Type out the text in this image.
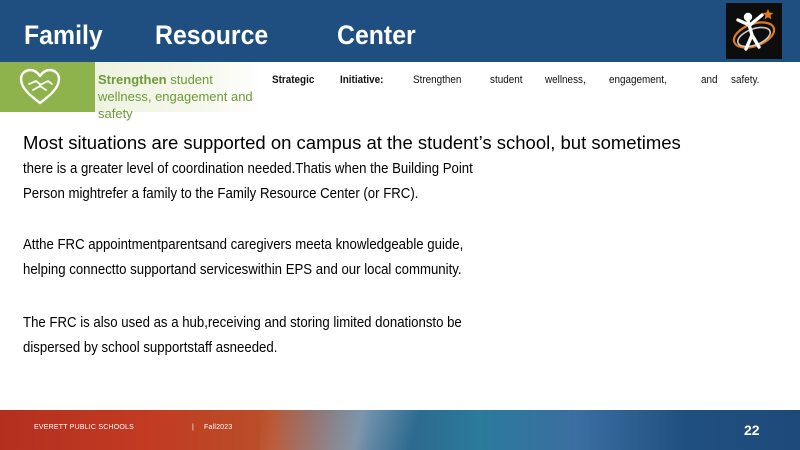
Family Resource	Center
Strengthen student wellness, engagement and safety
Strategic Initiative:	Strengthen	student wellness, engagement,	and safety.
Most situations are supported on campus at the student’s school, but sometimes
there is a greater level of coordination needed.Thatis when the Building Point
Person mightrefer a family to the Family Resource Center (or FRC).
Atthe FRC appointmentparentsand caregivers meeta knowledgeable guide,
helping connectto supportand serviceswithin EPS and our local community.
The FRC is also used as a hub,receiving and storing limited donationsto be
dispersed by school supportstaff asneeded.
EVERETT PUBLIC SCHOOLS	| Fall2023	22
